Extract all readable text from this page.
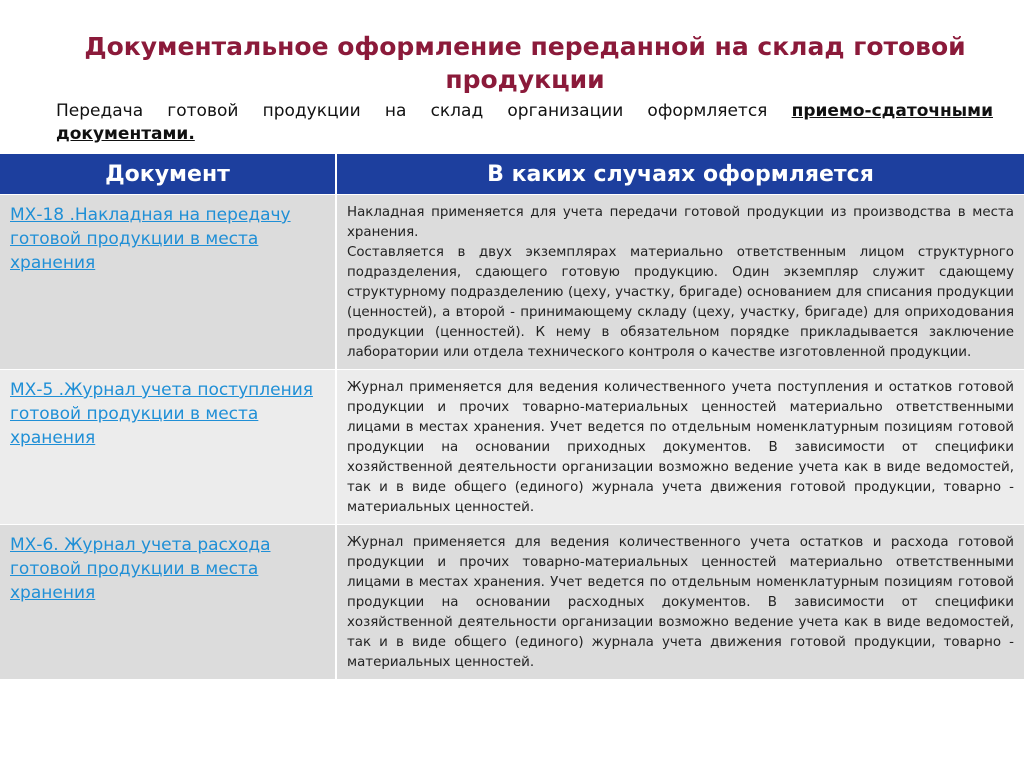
Документальное оформление переданной на склад готовой продукции
Передача готовой продукции на склад организации оформляется приемо-сдаточными документами.
Документ	В каких случаях оформляется

МХ-18 .Накладная на передачу готовой продукции в места хранения	Накладная применяется для учета передачи готовой продукции из производства в места хранения.
Составляется в двух экземплярах материально ответственным лицом структурного подразделения, сдающего готовую продукцию. Один экземпляр служит сдающему структурному подразделению (цеху, участку, бригаде) основанием для списания продукции (ценностей), а второй - принимающему складу (цеху, участку, бригаде) для оприходования продукции (ценностей). К нему в обязательном порядке прикладывается заключение лаборатории или отдела технического контроля о качестве изготовленной продукции.

МХ-5 .Журнал учета поступления готовой продукции в места хранения	Журнал применяется для ведения количественного учета поступления и остатков готовой продукции и прочих товарно-материальных ценностей материально ответственными лицами в местах хранения. Учет ведется по отдельным номенклатурным позициям готовой продукции на основании приходных документов. В зависимости от специфики хозяйственной деятельности организации возможно ведение учета как в виде ведомостей, так и в виде общего (единого) журнала учета движения готовой продукции, товарно - материальных ценностей.

МХ-6. Журнал учета расхода готовой продукции в места хранения	Журнал применяется для ведения количественного учета остатков и расхода готовой продукции и прочих товарно-материальных ценностей материально ответственными лицами в местах хранения. Учет ведется по отдельным номенклатурным позициям готовой продукции на основании расходных документов. В зависимости от специфики хозяйственной деятельности организации возможно ведение учета как в виде ведомостей, так и в виде общего (единого) журнала учета движения готовой продукции, товарно - материальных ценностей.
